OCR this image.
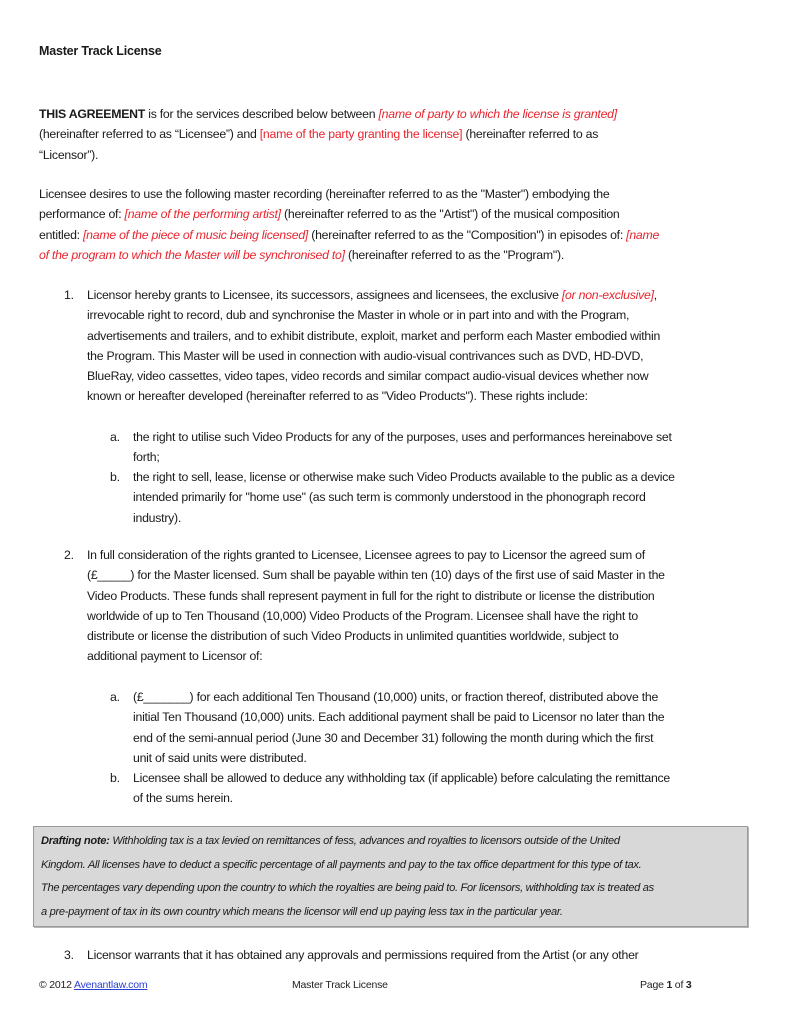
Master Track License
THIS AGREEMENT is for the services described below between [name of party to which the license is granted]
(hereinafter referred to as “Licensee”) and [name of the party granting the license] (hereinafter referred to as
“Licensor”).
Licensee desires to use the following master recording (hereinafter referred to as the "Master") embodying the
performance of: [name of the performing artist] (hereinafter referred to as the "Artist") of the musical composition
entitled: [name of the piece of music being licensed] (hereinafter referred to as the "Composition") in episodes of: [name
of the program to which the Master will be synchronised to] (hereinafter referred to as the "Program").
1. Licensor hereby grants to Licensee, its successors, assignees and licensees, the exclusive [or non-exclusive],
irrevocable right to record, dub and synchronise the Master in whole or in part into and with the Program,
advertisements and trailers, and to exhibit distribute, exploit, market and perform each Master embodied within
the Program. This Master will be used in connection with audio-visual contrivances such as DVD, HD-DVD,
BlueRay, video cassettes, video tapes, video records and similar compact audio-visual devices whether now
known or hereafter developed (hereinafter referred to as "Video Products"). These rights include:
a. the right to utilise such Video Products for any of the purposes, uses and performances hereinabove set
forth;
b. the right to sell, lease, license or otherwise make such Video Products available to the public as a device
intended primarily for "home use" (as such term is commonly understood in the phonograph record
industry).
2. In full consideration of the rights granted to Licensee, Licensee agrees to pay to Licensor the agreed sum of
(£_____) for the Master licensed. Sum shall be payable within ten (10) days of the first use of said Master in the
Video Products. These funds shall represent payment in full for the right to distribute or license the distribution
worldwide of up to Ten Thousand (10,000) Video Products of the Program. Licensee shall have the right to
distribute or license the distribution of such Video Products in unlimited quantities worldwide, subject to
additional payment to Licensor of:
a. (£_______) for each additional Ten Thousand (10,000) units, or fraction thereof, distributed above the
initial Ten Thousand (10,000) units. Each additional payment shall be paid to Licensor no later than the
end of the semi-annual period (June 30 and December 31) following the month during which the first
unit of said units were distributed.
b. Licensee shall be allowed to deduce any withholding tax (if applicable) before calculating the remittance
of the sums herein.
Drafting note: Withholding tax is a tax levied on remittances of fess, advances and royalties to licensors outside of the United
Kingdom. All licenses have to deduct a specific percentage of all payments and pay to the tax office department for this type of tax.
The percentages vary depending upon the country to which the royalties are being paid to. For licensors, withholding tax is treated as
a pre-payment of tax in its own country which means the licensor will end up paying less tax in the particular year.
3. Licensor warrants that it has obtained any approvals and permissions required from the Artist (or any other
© 2012 Avenantlaw.com	Master Track License	Page 1 of 3
